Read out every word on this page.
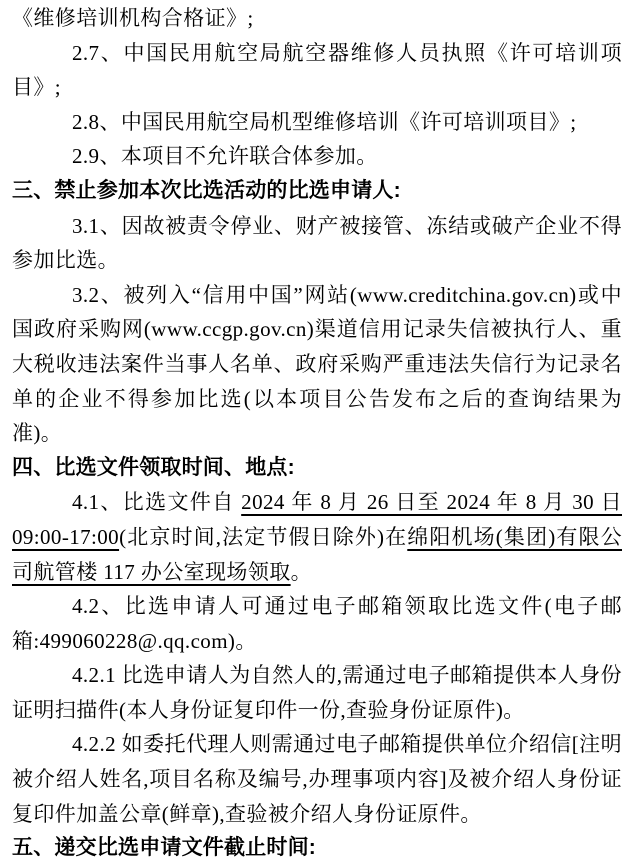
《维修培训机构合格证》;

2.7、中国民用航空局航空器维修人员执照《许可培训项目》;

2.8、中国民用航空局机型维修培训《许可培训项目》;

2.9、本项目不允许联合体参加。

三、禁止参加本次比选活动的比选申请人:

3.1、因故被责令停业、财产被接管、冻结或破产企业不得参加比选。

3.2、被列入“信用中国”网站(www.creditchina.gov.cn)或中国政府采购网(www.ccgp.gov.cn)渠道信用记录失信被执行人、重大税收违法案件当事人名单、政府采购严重违法失信行为记录名单的企业不得参加比选(以本项目公告发布之后的查询结果为准)。

四、比选文件领取时间、地点:

4.1、比选文件自 2024 年 8 月 26 日至 2024 年 8 月 30 日 09:00-17:00(北京时间,法定节假日除外)在绵阳机场(集团)有限公司航管楼 117 办公室现场领取。

4.2、比选申请人可通过电子邮箱领取比选文件(电子邮箱:499060228@.qq.com)。

4.2.1 比选申请人为自然人的,需通过电子邮箱提供本人身份证明扫描件(本人身份证复印件一份,查验身份证原件)。

4.2.2 如委托代理人则需通过电子邮箱提供单位介绍信[注明被介绍人姓名,项目名称及编号,办理事项内容]及被介绍人身份证复印件加盖公章(鲜章),查验被介绍人身份证原件。

五、递交比选申请文件截止时间:
